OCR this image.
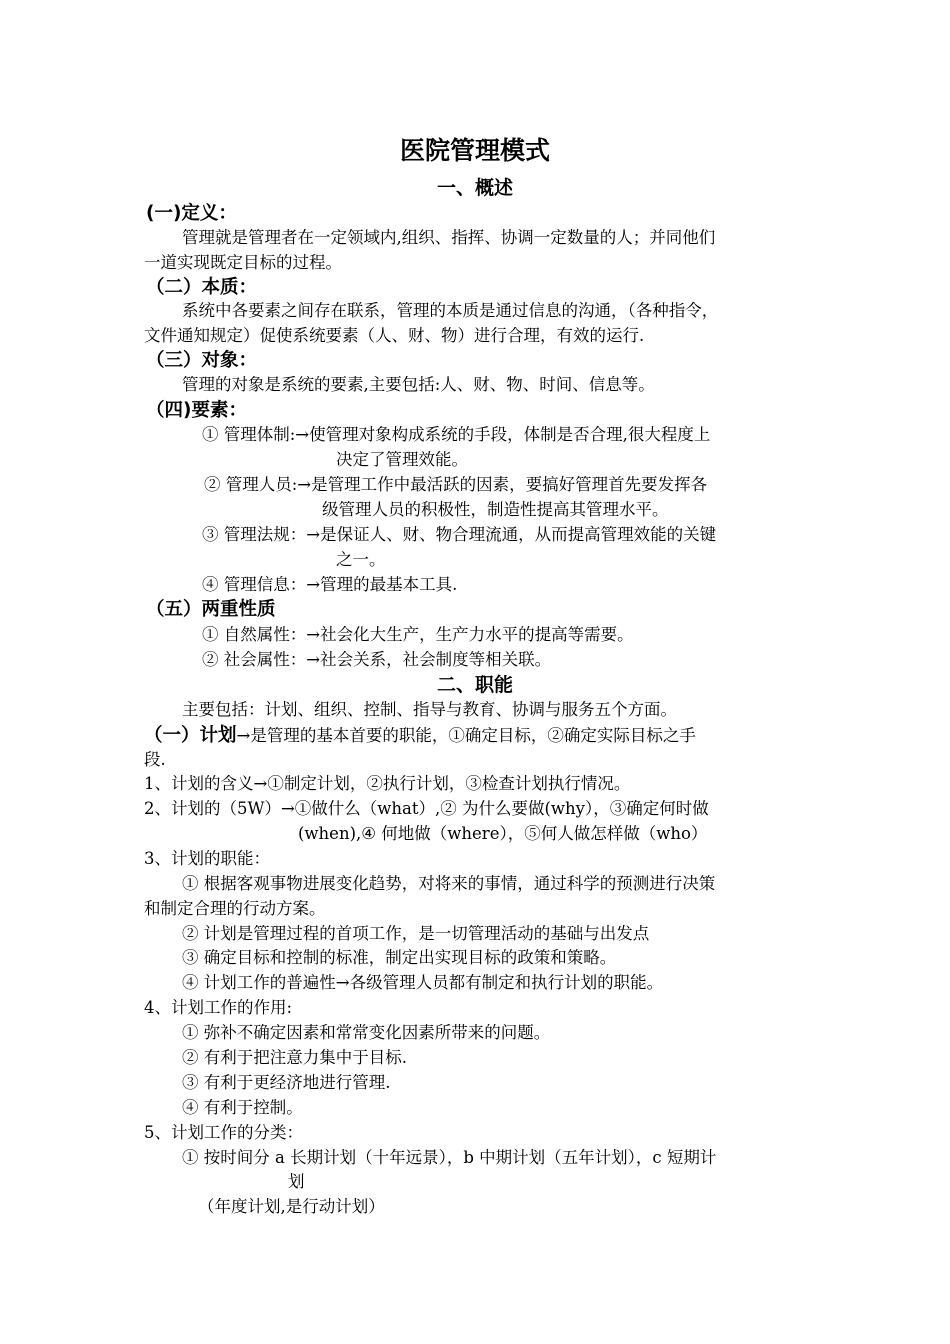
医院管理模式
一、概述
(一)定义：
管理就是管理者在一定领域内,组织、指挥、协调一定数量的人；并同他们
一道实现既定目标的过程。
（二）本质：
系统中各要素之间存在联系，管理的本质是通过信息的沟通，（各种指令，
文件通知规定）促使系统要素（人、财、物）进行合理，有效的运行.
（三）对象：
管理的对象是系统的要素,主要包括:人、财、物、时间、信息等。
（四)要素：
① 管理体制:→使管理对象构成系统的手段，体制是否合理,很大程度上
决定了管理效能。
② 管理人员:→是管理工作中最活跃的因素，要搞好管理首先要发挥各
级管理人员的积极性，制造性提高其管理水平。
③ 管理法规：→是保证人、财、物合理流通，从而提高管理效能的关键
之一。
④ 管理信息：→管理的最基本工具.
（五）两重性质
① 自然属性：→社会化大生产，生产力水平的提高等需要。
② 社会属性：→社会关系，社会制度等相关联。
二、职能
主要包括：计划、组织、控制、指导与教育、协调与服务五个方面。
（一）计划→是管理的基本首要的职能，①确定目标，②确定实际目标之手
段.
1、计划的含义→①制定计划，②执行计划，③检查计划执行情况。
2、计划的（5W）→①做什么（what）,② 为什么要做(why），③确定何时做
(when),④ 何地做（where），⑤何人做怎样做（who）
3、计划的职能：
① 根据客观事物进展变化趋势，对将来的事情，通过科学的预测进行决策
和制定合理的行动方案。
② 计划是管理过程的首项工作，是一切管理活动的基础与出发点
③ 确定目标和控制的标准，制定出实现目标的政策和策略。
④ 计划工作的普遍性→各级管理人员都有制定和执行计划的职能。
4、计划工作的作用:
① 弥补不确定因素和常常变化因素所带来的问题。
② 有利于把注意力集中于目标.
③ 有利于更经济地进行管理.
④ 有利于控制。
5、计划工作的分类：
① 按时间分 a 长期计划（十年远景），b 中期计划（五年计划），c 短期计
划
（年度计划,是行动计划）
